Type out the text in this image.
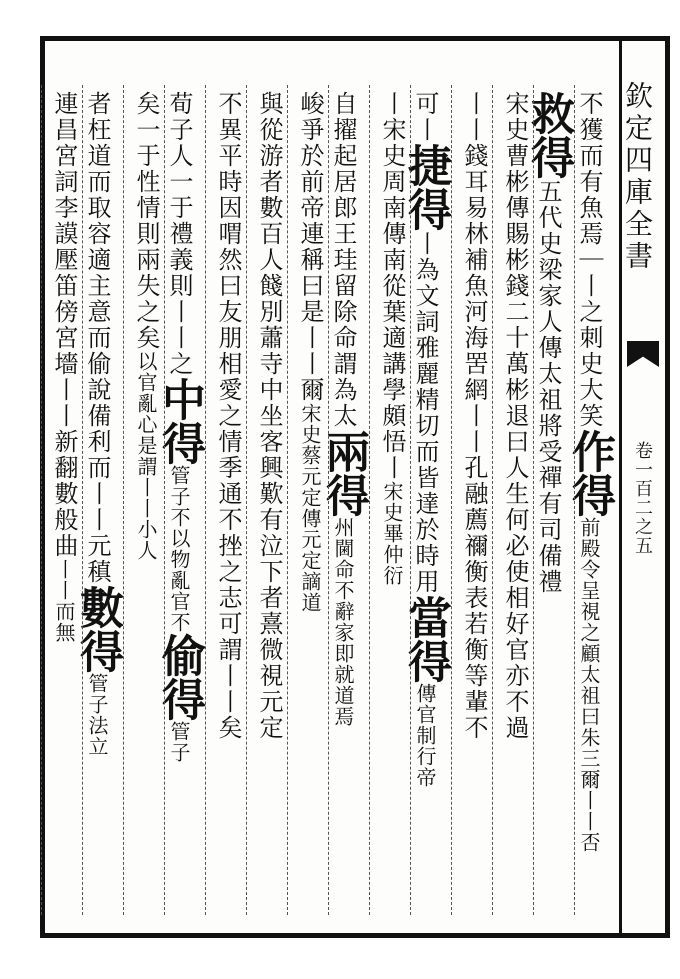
欽定四庫全書
卷一百二之五
不獲而有魚焉｜丨之刺史大笑作得前殿令呈視之顧太祖曰朱三爾丨丨否
救得五代史梁家人傳太祖將受禪有司備禮
宋史曹彬傳賜彬錢二十萬彬退曰人生何必使相好官亦不過
丨丨錢耳易林補魚河海罟網丨丨孔融薦禰衡表若衡等輩不
可丨捷得丨為文詞雅麗精切而皆達於時用當得傳官制行帝
丨宋史周南傳南從葉適講學頗悟丨宋史畢仲衍
自擢起居郎王珪留除命謂為太兩得州閫命不辭家即就道焉
峻爭於前帝連稱曰是丨丨爾宋史蔡元定傳元定謫道
與從游者數百人餞別蕭寺中坐客興歎有泣下者熹微視元定
不異平時因喟然曰友朋相愛之情季通不挫之志可謂丨丨矣
荀子人一于禮義則丨丨之中得管子不以物亂官不偷得管子
矣一于性情則兩失之矣以官亂心是謂丨丨小人
者枉道而取容適主意而偷說備利而丨丨元稹數得管子法立
連昌宮詞李謨壓笛傍宮墻丨丨新翻數般曲丨丨而無
